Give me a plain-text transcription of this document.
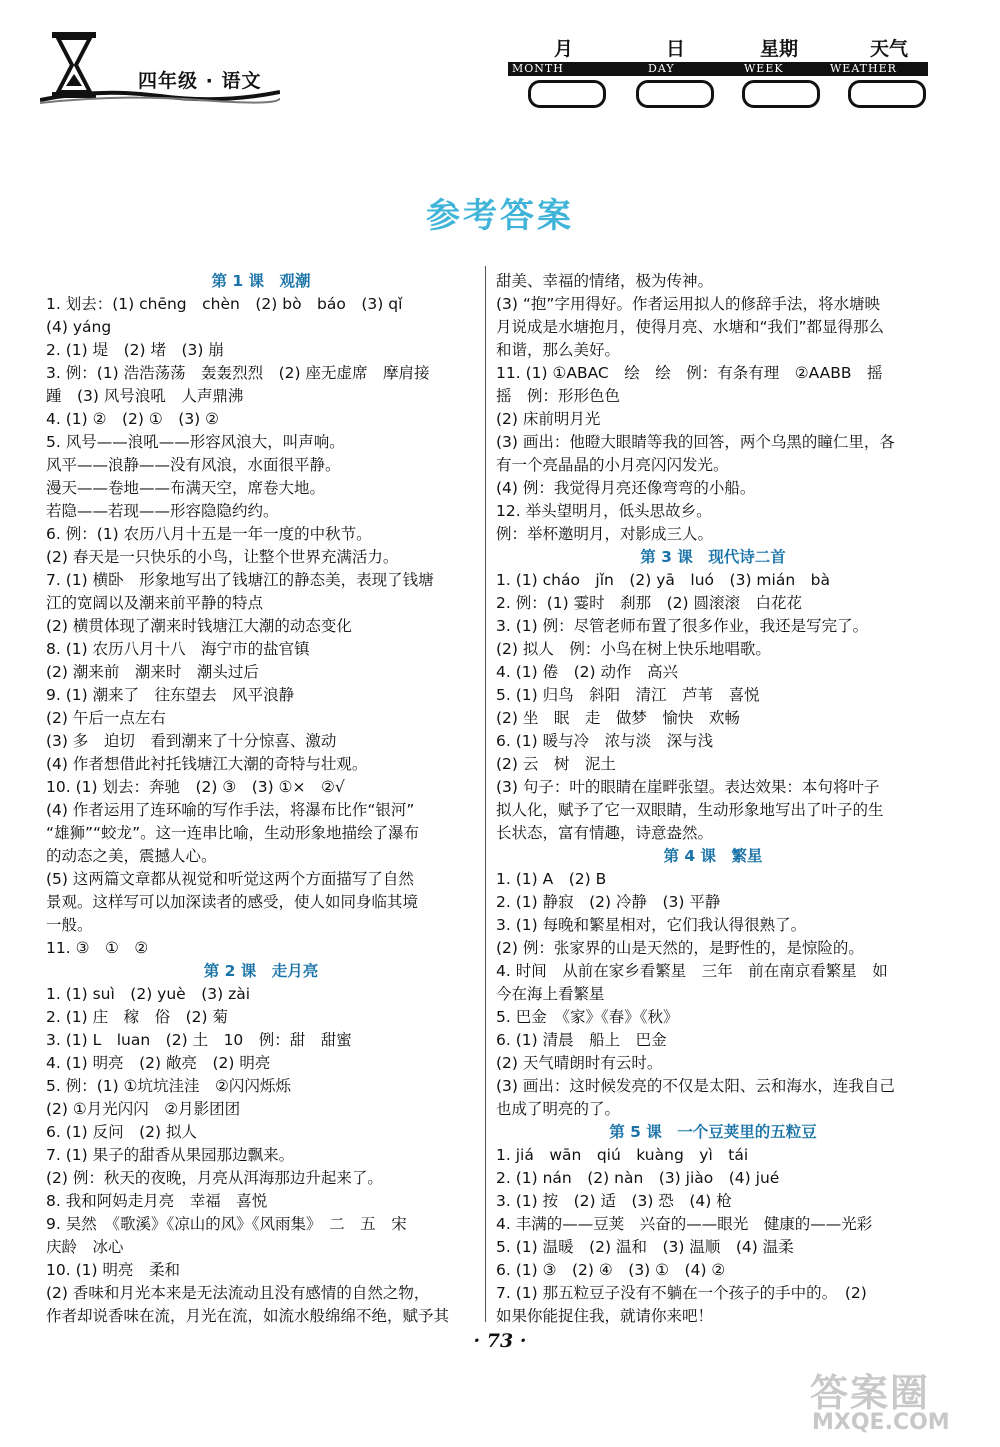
四年级 · 语文
月	日	星期	天气
MONTH	DAY	WEEK	WEATHER
参考答案
第 1 课　观潮
1. 划去：(1) chēng　chèn　(2) bò　báo　(3) qǐ
(4) yáng
2. (1) 堤　(2) 堵　(3) 崩
3. 例：(1) 浩浩荡荡　轰轰烈烈　(2) 座无虚席　摩肩接
踵　(3) 风号浪吼　人声鼎沸
4. (1) ②　(2) ①　(3) ②
5. 风号——浪吼——形容风浪大，叫声响。
风平——浪静——没有风浪，水面很平静。
漫天——卷地——布满天空，席卷大地。
若隐——若现——形容隐隐约约。
6. 例：(1) 农历八月十五是一年一度的中秋节。
(2) 春天是一只快乐的小鸟，让整个世界充满活力。
7. (1) 横卧　形象地写出了钱塘江的静态美，表现了钱塘
江的宽阔以及潮来前平静的特点
(2) 横贯体现了潮来时钱塘江大潮的动态变化
8. (1) 农历八月十八　海宁市的盐官镇
(2) 潮来前　潮来时　潮头过后
9. (1) 潮来了　往东望去　风平浪静
(2) 午后一点左右
(3) 多　迫切　看到潮来了十分惊喜、激动
(4) 作者想借此衬托钱塘江大潮的奇特与壮观。
10. (1) 划去：奔驰　(2) ③　(3) ①×　②√
(4) 作者运用了连环喻的写作手法，将瀑布比作“银河”
“雄狮”“蛟龙”。这一连串比喻，生动形象地描绘了瀑布
的动态之美，震撼人心。
(5) 这两篇文章都从视觉和听觉这两个方面描写了自然
景观。这样写可以加深读者的感受，使人如同身临其境
一般。
11. ③　①　②
第 2 课　走月亮
1. (1) suì　(2) yuè　(3) zài
2. (1) 庄　稼　俗　(2) 菊
3. (1) L　luan　(2) 土　10　例：甜　甜蜜
4. (1) 明亮　(2) 敞亮　(2) 明亮
5. 例：(1) ①坑坑洼洼　②闪闪烁烁
(2) ①月光闪闪　②月影团团
6. (1) 反问　(2) 拟人
7. (1) 果子的甜香从果园那边飘来。
(2) 例：秋天的夜晚，月亮从洱海那边升起来了。
8. 我和阿妈走月亮　幸福　喜悦
9. 吴然　《歌溪》《凉山的风》《风雨集》　二　五　宋
庆龄　冰心
10. (1) 明亮　柔和
(2) 香味和月光本来是无法流动且没有感情的自然之物，
作者却说香味在流，月光在流，如流水般绵绵不绝，赋予其
甜美、幸福的情绪，极为传神。
(3) “抱”字用得好。作者运用拟人的修辞手法，将水塘映
月说成是水塘抱月，使得月亮、水塘和“我们”都显得那么
和谐，那么美好。
11. (1) ①ABAC　绘　绘　例：有条有理　②AABB　摇
摇　例：形形色色
(2) 床前明月光
(3) 画出：他瞪大眼睛等我的回答，两个乌黑的瞳仁里，各
有一个亮晶晶的小月亮闪闪发光。
(4) 例：我觉得月亮还像弯弯的小船。
12. 举头望明月，低头思故乡。
例：举杯邀明月，对影成三人。
第 3 课　现代诗二首
1. (1) cháo　jǐn　(2) yā　luó　(3) mián　bà
2. 例：(1) 霎时　刹那　(2) 圆滚滚　白花花
3. (1) 例：尽管老师布置了很多作业，我还是写完了。
(2) 拟人　例：小鸟在树上快乐地唱歌。
4. (1) 倦　(2) 动作　高兴
5. (1) 归鸟　斜阳　清江　芦苇　喜悦
(2) 坐　眠　走　做梦　愉快　欢畅
6. (1) 暖与冷　浓与淡　深与浅
(2) 云　树　泥土
(3) 句子：叶的眼睛在崖畔张望。表达效果：本句将叶子
拟人化，赋予了它一双眼睛，生动形象地写出了叶子的生
长状态，富有情趣，诗意盎然。
第 4 课　繁星
1. (1) A　(2) B
2. (1) 静寂　(2) 冷静　(3) 平静
3. (1) 每晚和繁星相对，它们我认得很熟了。
(2) 例：张家界的山是天然的，是野性的，是惊险的。
4. 时间　从前在家乡看繁星　三年　前在南京看繁星　如
今在海上看繁星
5. 巴金　《家》《春》《秋》
6. (1) 清晨　船上　巴金
(2) 天气晴朗时有云时。
(3) 画出：这时候发亮的不仅是太阳、云和海水，连我自己
也成了明亮的了。
第 5 课　一个豆荚里的五粒豆
1. jiá　wān　qiú　kuàng　yì　tái
2. (1) nán　(2) nàn　(3) jiào　(4) jué
3. (1) 按　(2) 适　(3) 恐　(4) 枪
4. 丰满的——豆荚　兴奋的——眼光　健康的——光彩
5. (1) 温暖　(2) 温和　(3) 温顺　(4) 温柔
6. (1) ③　(2) ④　(3) ①　(4) ②
7. (1) 那五粒豆子没有不躺在一个孩子的手中的。　(2)
如果你能捉住我，就请你来吧！
· 73 ·
答案圈
MXQE.COM
